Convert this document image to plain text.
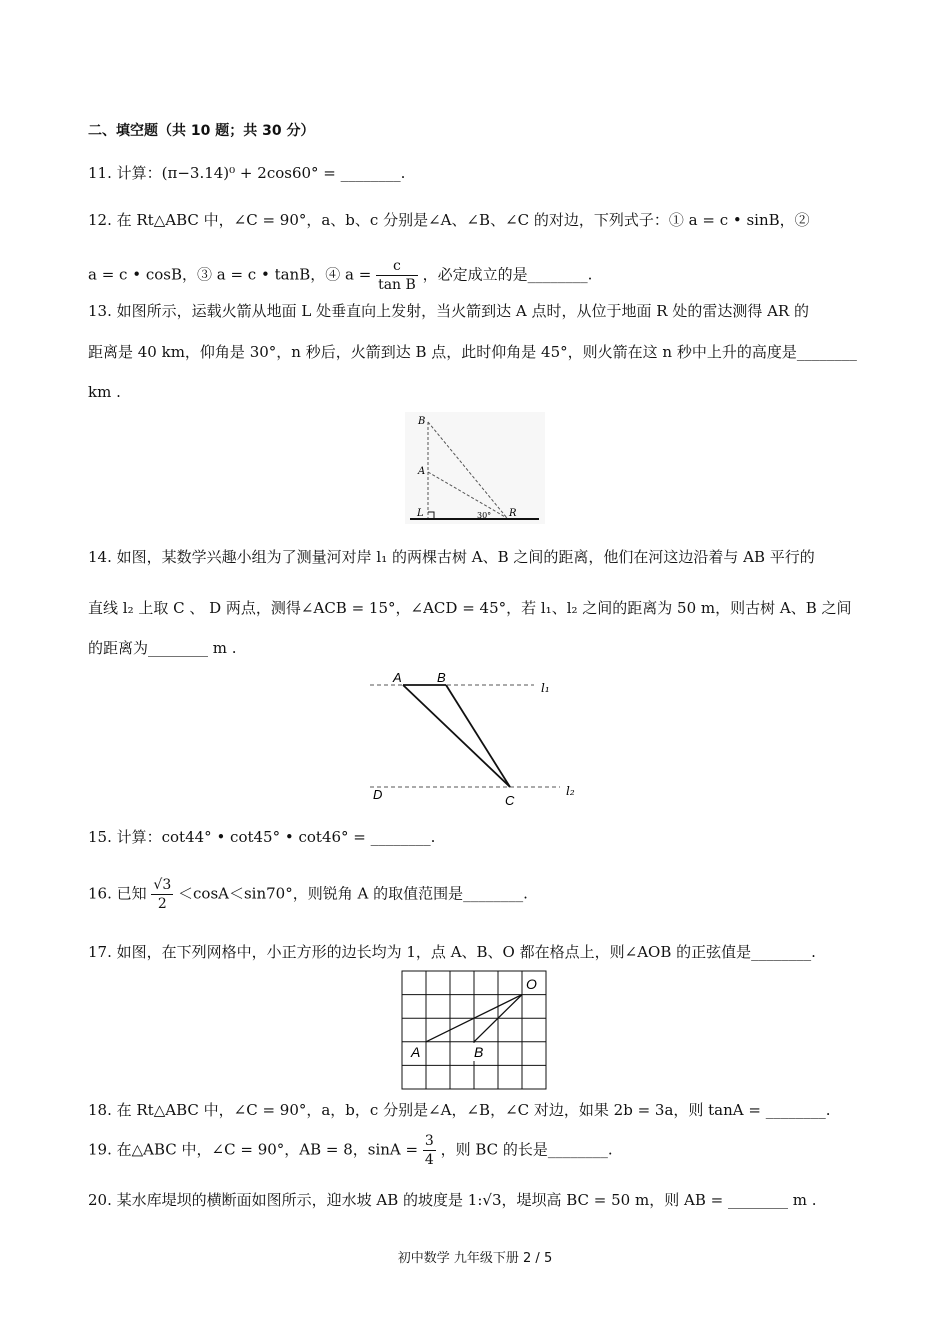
二、填空题（共 10 题；共 30 分）
11. 计算：(π−3.14)⁰ + 2cos60° = ________.
12. 在 Rt△ABC 中，∠C = 90°，a、b、c 分别是∠A、∠B、∠C 的对边，下列式子：① a = c • sinB，②
a = c • cosB，③ a = c • tanB，④ $a = \frac{c}{\text{tan B}}$ ，必定成立的是________.
13. 如图所示，运载火箭从地面 L 处垂直向上发射，当火箭到达 A 点时，从位于地面 R 处的雷达测得 AR 的
距离是 40 km，仰角是 30°，n 秒后，火箭到达 B 点，此时仰角是 45°，则火箭在这 n 秒中上升的高度是________
km .
B
A
L	R
30°
14. 如图，某数学兴趣小组为了测量河对岸 l₁ 的两棵古树 A、B 之间的距离，他们在河这边沿着与 AB 平行的
直线 l₂ 上取 C 、 D 两点，测得∠ACB = 15°，∠ACD = 45°，若 l₁、l₂ 之间的距离为 50 m，则古树 A、B 之间
的距离为________ m .
A	B
C
D
l₁
l₂
15. 计算：cot44° • cot45° • cot46° = ________.
16. 已知 $\frac{√3}{2} <\cos A<\sin 70^\circ$，则锐角 A 的取值范围是________.
17. 如图，在下列网格中，小正方形的边长均为 1，点 A、B、O 都在格点上，则∠AOB 的正弦值是________.
O
A	B
18. 在 Rt△ABC 中，∠C = 90°，a，b，c 分别是∠A，∠B，∠C 对边，如果 2b = 3a，则 tanA = ________.
19. 在△ABC 中，∠C = 90°，AB = 8，$\sin A = \frac{3}{4}$ ，则 BC 的长是________.
20. 某水库堤坝的横断面如图所示，迎水坡 AB 的坡度是 1:√3，堤坝高 BC = 50 m，则 AB = ________ m .
初中数学 九年级下册 2 / 5
